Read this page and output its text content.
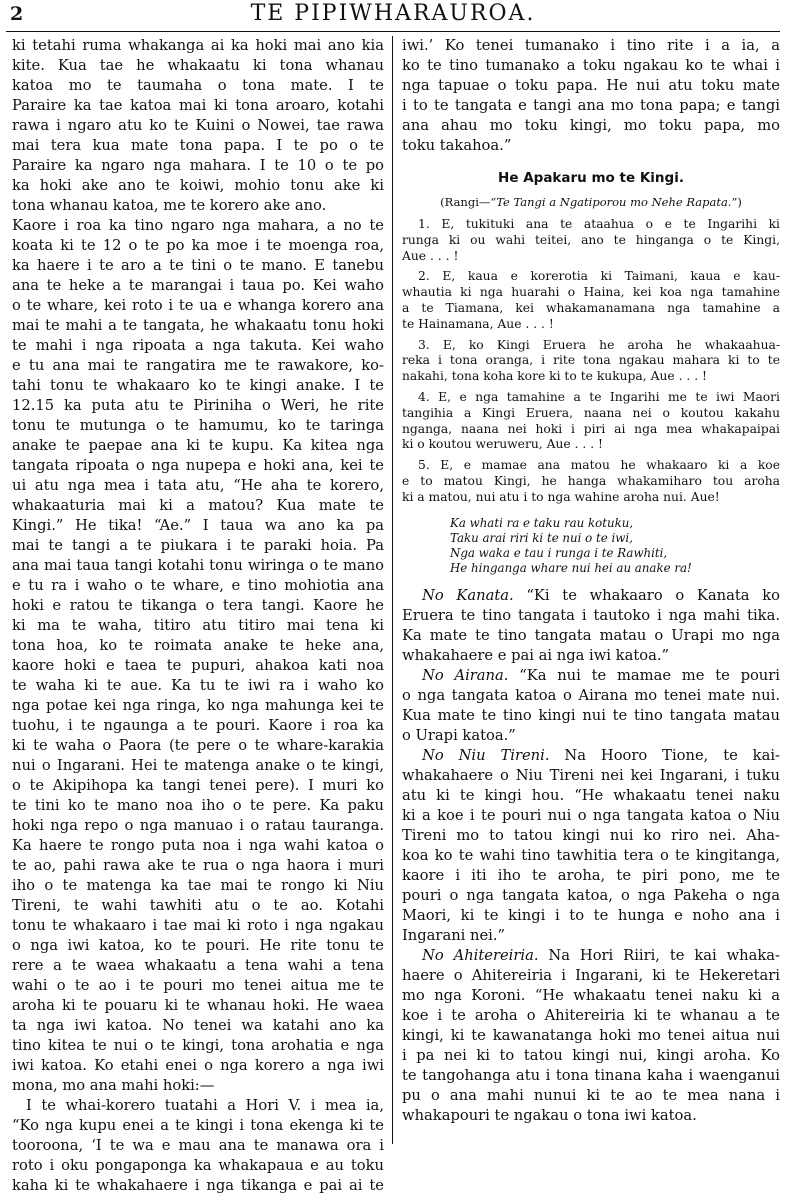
2	TE PIPIWHARAUROA.
ki tetahi ruma whakanga ai ka hoki mai ano kia
kite. Kua tae he whakaatu ki tona whanau
katoa mo te taumaha o tona mate. I te
Paraire ka tae katoa mai ki tona aroaro, kotahi
rawa i ngaro atu ko te Kuini o Nowei, tae rawa
mai tera kua mate tona papa. I te po o te
Paraire ka ngaro nga mahara. I te 10 o te po
ka hoki ake ano te koiwi, mohio tonu ake ki
tona whanau katoa, me te korero ake ano.
Kaore i roa ka tino ngaro nga mahara, a no te
koata ki te 12 o te po ka moe i te moenga roa,
ka haere i te aro a te tini o te mano. E tanebu
ana te heke a te marangai i taua po. Kei waho
o te whare, kei roto i te ua e whanga korero ana
mai te mahi a te tangata, he whakaatu tonu hoki
te mahi i nga ripoata a nga takuta. Kei waho
e tu ana mai te rangatira me te rawakore, ko-
tahi tonu te whakaaro ko te kingi anake. I te
12.15 ka puta atu te Piriniha o Weri, he rite
tonu te mutunga o te hamumu, ko te taringa
anake te paepae ana ki te kupu. Ka kitea nga
tangata ripoata o nga nupepa e hoki ana, kei te
ui atu nga mea i tata atu, “He aha te korero,
whakaaturia mai ki a matou? Kua mate te
Kingi.” He tika! “Ae.” I taua wa ano ka pa
mai te tangi a te piukara i te paraki hoia. Pa
ana mai taua tangi kotahi tonu wiringa o te mano
e tu ra i waho o te whare, e tino mohiotia ana
hoki e ratou te tikanga o tera tangi. Kaore he
ki ma te waha, titiro atu titiro mai tena ki
tona hoa, ko te roimata anake te heke ana,
kaore hoki e taea te pupuri, ahakoa kati noa
te waha ki te aue. Ka tu te iwi ra i waho ko
nga potae kei nga ringa, ko nga mahunga kei te
tuohu, i te ngaunga a te pouri. Kaore i roa ka
ki te waha o Paora (te pere o te whare-karakia
nui o Ingarani. Hei te matenga anake o te kingi,
o te Akipihopa ka tangi tenei pere). I muri ko
te tini ko te mano noa iho o te pere. Ka paku
hoki nga repo o nga manuao i o ratau tauranga.
Ka haere te rongo puta noa i nga wahi katoa o
te ao, pahi rawa ake te rua o nga haora i muri
iho o te matenga ka tae mai te rongo ki Niu
Tireni, te wahi tawhiti atu o te ao. Kotahi
tonu te whakaaro i tae mai ki roto i nga ngakau
o nga iwi katoa, ko te pouri. He rite tonu te
rere a te waea whakaatu a tena wahi a tena
wahi o te ao i te pouri mo tenei aitua me te
aroha ki te pouaru ki te whanau hoki. He waea
ta nga iwi katoa. No tenei wa katahi ano ka
tino kitea te nui o te kingi, tona arohatia e nga
iwi katoa. Ko etahi enei o nga korero a nga iwi
mona, mo ana mahi hoki:—
I te whai-korero tuatahi a Hori V. i mea ia,
“Ko nga kupu enei a te kingi i tona ekenga ki te
tooroona, ‘I te wa e mau ana te manawa ora i
roto i oku pongaponga ka whakapaua e au toku
kaha ki te whakahaere i nga tikanga e pai ai te
iwi.’ Ko tenei tumanako i tino rite i a ia, a
ko te tino tumanako a toku ngakau ko te whai i
nga tapuae o toku papa. He nui atu toku mate
i to te tangata e tangi ana mo tona papa; e tangi
ana ahau mo toku kingi, mo toku papa, mo
toku takahoa.”
He Apakaru mo te Kingi.
(Rangi—“Te Tangi a Ngatiporou mo Nehe Rapata.”)
1. E, tukituki ana te ataahua o e te Ingarihi ki
runga ki ou wahi teitei, ano te hinganga o te Kingi,
Aue . . . !
2. E, kaua e korerotia ki Taimani, kaua e kau-
whautia ki nga huarahi o Haina, kei koa nga tamahine
a te Tiamana, kei whakamanamana nga tamahine a
te Hainamana, Aue . . . !
3. E, ko Kingi Eruera he aroha he whakaahua-
reka i tona oranga, i rite tona ngakau mahara ki to te
nakahi, tona koha kore ki to te kukupa, Aue . . . !
4. E, e nga tamahine a te Ingarihi me te iwi Maori
tangihia a Kingi Eruera, naana nei o koutou kakahu
nganga, naana nei hoki i piri ai nga mea whakapaipai
ki o koutou weruweru, Aue . . . !
5. E, e mamae ana matou he whakaaro ki a koe
e to matou Kingi, he hanga whakamiharo tou aroha
ki a matou, nui atu i to nga wahine aroha nui. Aue!
Ka whati ra e taku rau kotuku,
Taku arai riri ki te nui o te iwi,
Nga waka e tau i runga i te Rawhiti,
He hinganga whare nui hei au anake ra!
No Kanata. “Ki te whakaaro o Kanata ko
Eruera te tino tangata i tautoko i nga mahi tika.
Ka mate te tino tangata matau o Urapi mo nga
whakahaere e pai ai nga iwi katoa.”
No Airana. “Ka nui te mamae me te pouri
o nga tangata katoa o Airana mo tenei mate nui.
Kua mate te tino kingi nui te tino tangata matau
o Urapi katoa.”
No Niu Tireni. Na Hooro Tione, te kai-
whakahaere o Niu Tireni nei kei Ingarani, i tuku
atu ki te kingi hou. “He whakaatu tenei naku
ki a koe i te pouri nui o nga tangata katoa o Niu
Tireni mo to tatou kingi nui ko riro nei. Aha-
koa ko te wahi tino tawhitia tera o te kingitanga,
kaore i iti iho te aroha, te piri pono, me te
pouri o nga tangata katoa, o nga Pakeha o nga
Maori, ki te kingi i to te hunga e noho ana i
Ingarani nei.”
No Ahitereiria. Na Hori Riiri, te kai whaka-
haere o Ahitereiria i Ingarani, ki te Hekeretari
mo nga Koroni. “He whakaatu tenei naku ki a
koe i te aroha o Ahitereiria ki te whanau a te
kingi, ki te kawanatanga hoki mo tenei aitua nui
i pa nei ki to tatou kingi nui, kingi aroha. Ko
te tangohanga atu i tona tinana kaha i waenganui
pu o ana mahi nunui ki te ao te mea nana i
whakapouri te ngakau o tona iwi katoa.
